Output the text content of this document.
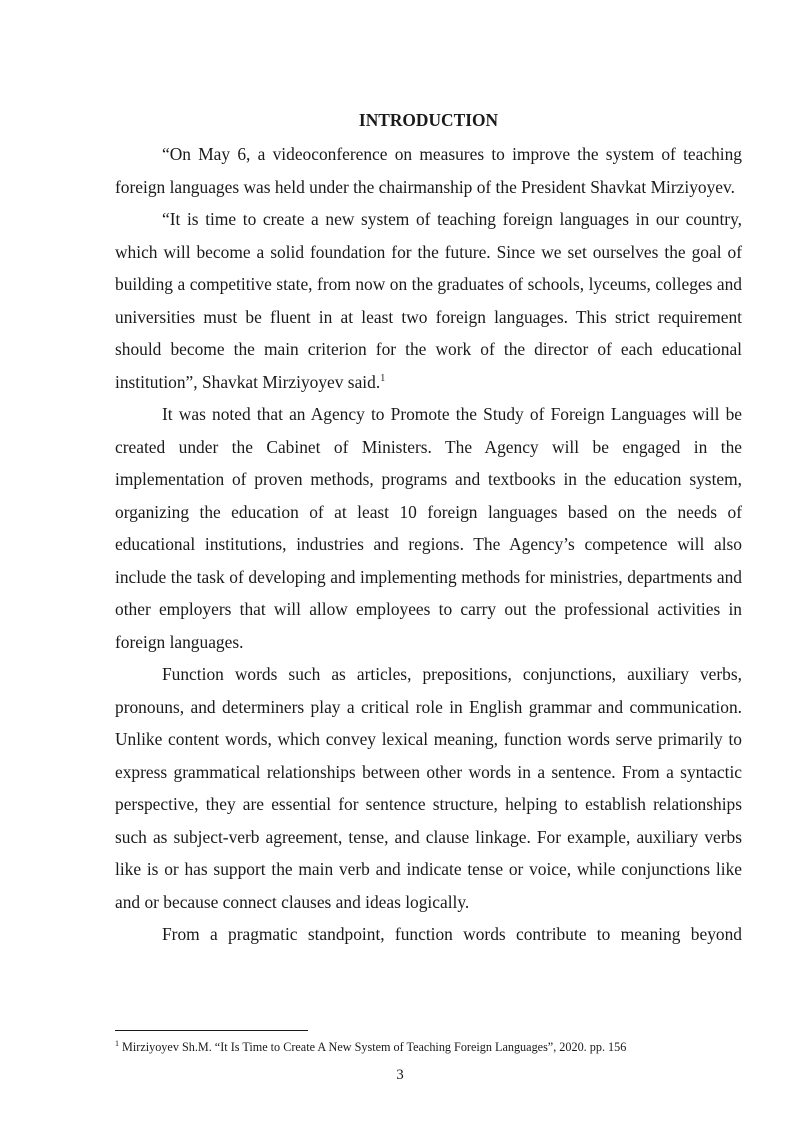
INTRODUCTION

“On May 6, a videoconference on measures to improve the system of teaching foreign languages was held under the chairmanship of the President Shavkat Mirziyoyev.

“It is time to create a new system of teaching foreign languages in our country, which will become a solid foundation for the future. Since we set ourselves the goal of building a competitive state, from now on the graduates of schools, lyceums, colleges and universities must be fluent in at least two foreign languages. This strict requirement should become the main criterion for the work of the director of each educational institution”, Shavkat Mirziyoyev said.$^1$

It was noted that an Agency to Promote the Study of Foreign Languages will be created under the Cabinet of Ministers. The Agency will be engaged in the implementation of proven methods, programs and textbooks in the education system, organizing the education of at least 10 foreign languages based on the needs of educational institutions, industries and regions. The Agency’s competence will also include the task of developing and implementing methods for ministries, departments and other employers that will allow employees to carry out the professional activities in foreign languages.

Function words such as articles, prepositions, conjunctions, auxiliary verbs, pronouns, and determiners play a critical role in English grammar and communication. Unlike content words, which convey lexical meaning, function words serve primarily to express grammatical relationships between other words in a sentence. From a syntactic perspective, they are essential for sentence structure, helping to establish relationships such as subject-verb agreement, tense, and clause linkage. For example, auxiliary verbs like is or has support the main verb and indicate tense or voice, while conjunctions like and or because connect clauses and ideas logically.

From a pragmatic standpoint, function words contribute to meaning beyond

$^1$ Mirziyoyev Sh.M. “It Is Time to Create A New System of Teaching Foreign Languages”, 2020. pp. 156
3
